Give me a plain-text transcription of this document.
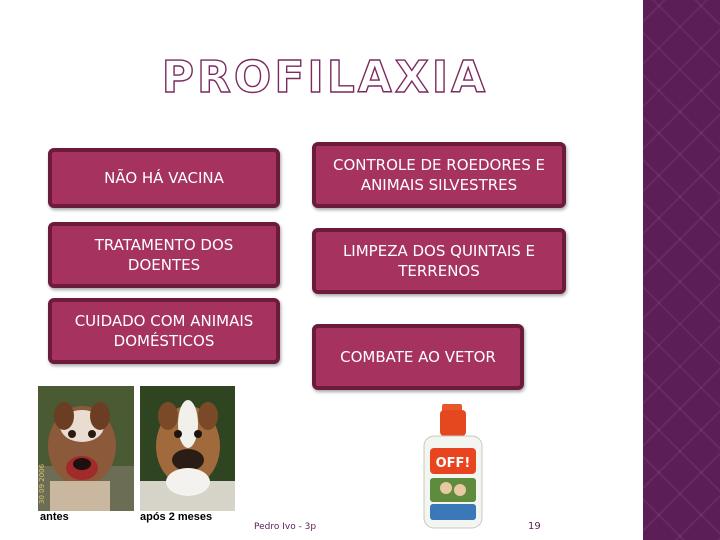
PROFILAXIA
NÃO HÁ VACINA
CONTROLE DE ROEDORES E ANIMAIS SILVESTRES
TRATAMENTO DOS DOENTES
LIMPEZA DOS QUINTAIS E TERRENOS
CUIDADO COM ANIMAIS DOMÉSTICOS
COMBATE AO VETOR
30 09 2006
antes	após 2 meses
OFF!
Pedro Ivo - 3p	19
